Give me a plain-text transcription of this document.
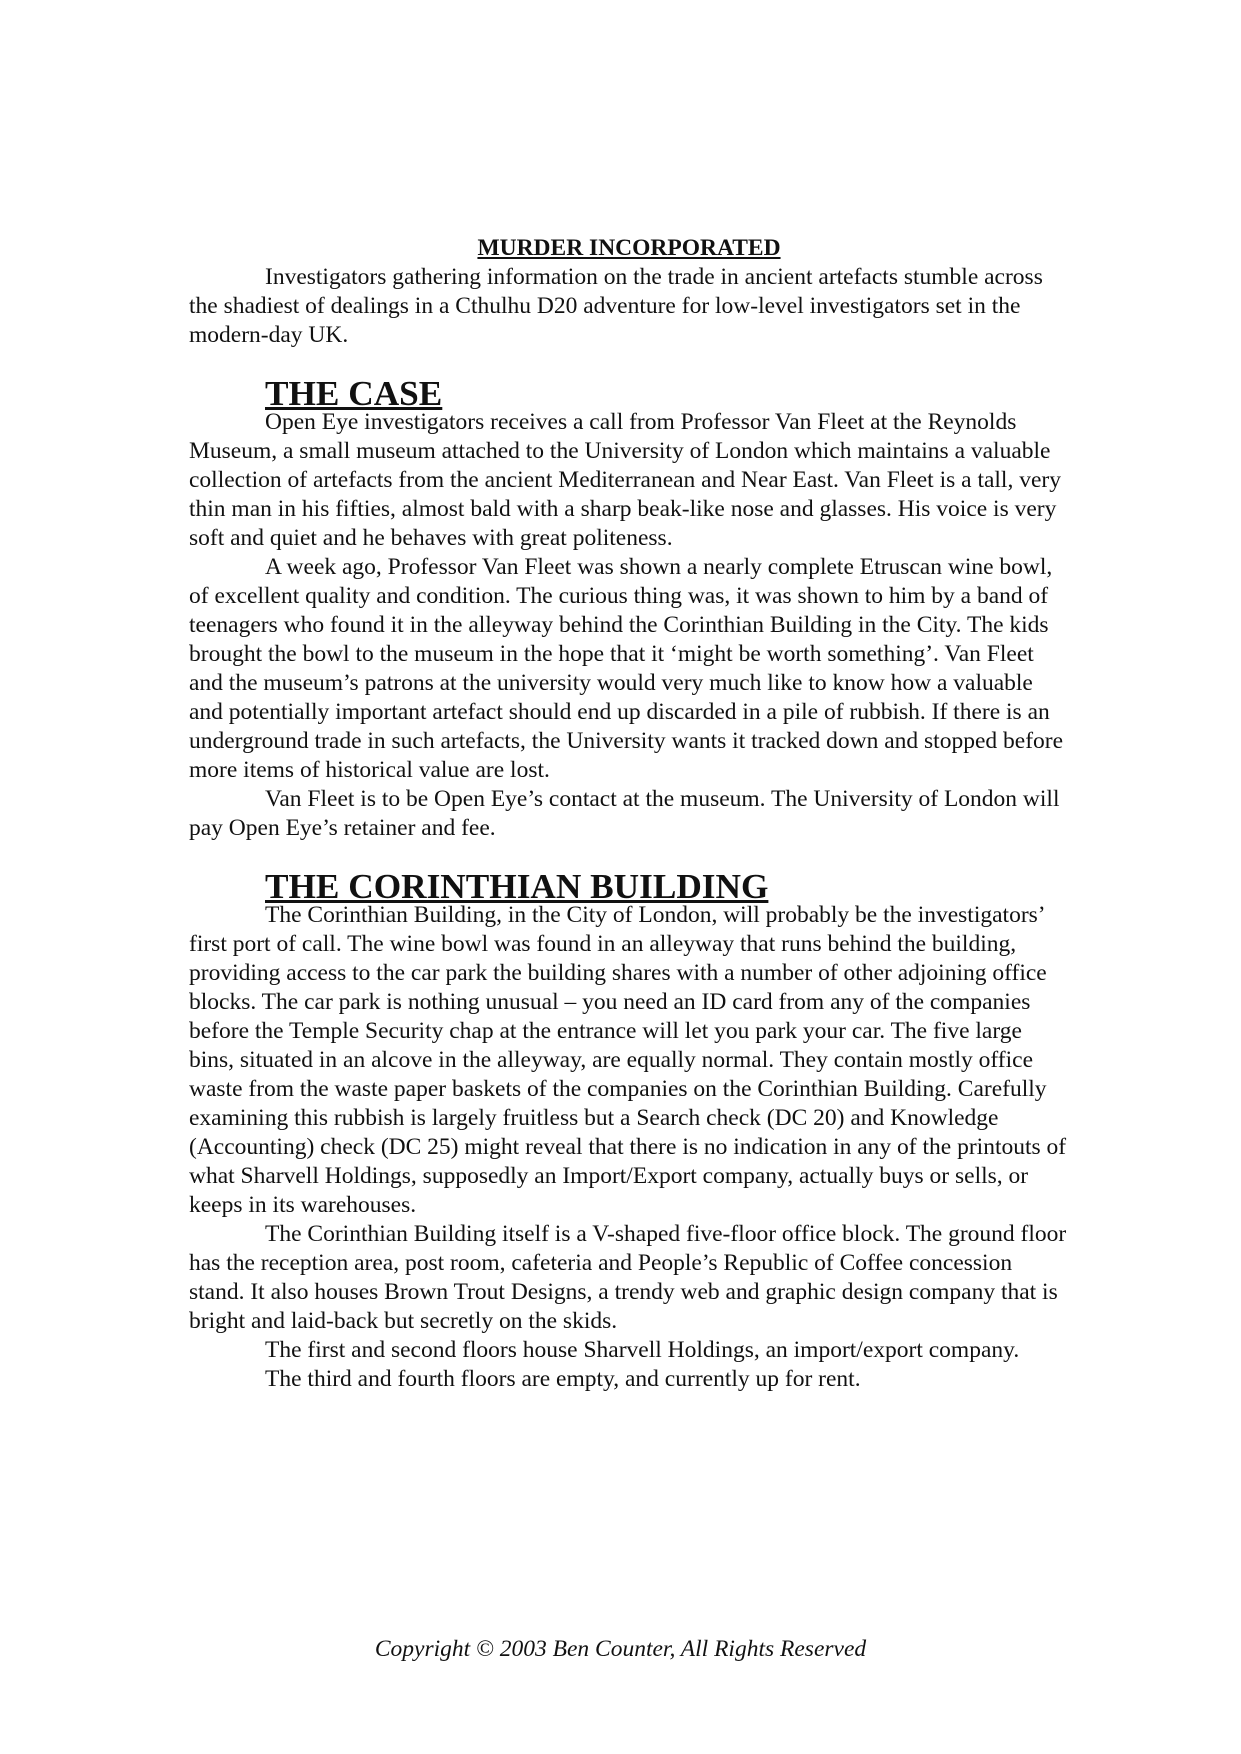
MURDER INCORPORATED

Investigators gathering information on the trade in ancient artefacts stumble across the shadiest of dealings in a Cthulhu D20 adventure for low-level investigators set in the modern-day UK.

THE CASE

Open Eye investigators receives a call from Professor Van Fleet at the Reynolds Museum, a small museum attached to the University of London which maintains a valuable collection of artefacts from the ancient Mediterranean and Near East. Van Fleet is a tall, very thin man in his fifties, almost bald with a sharp beak-like nose and glasses. His voice is very soft and quiet and he behaves with great politeness.

A week ago, Professor Van Fleet was shown a nearly complete Etruscan wine bowl, of excellent quality and condition. The curious thing was, it was shown to him by a band of teenagers who found it in the alleyway behind the Corinthian Building in the City. The kids brought the bowl to the museum in the hope that it ‘might be worth something’. Van Fleet and the museum’s patrons at the university would very much like to know how a valuable and potentially important artefact should end up discarded in a pile of rubbish. If there is an underground trade in such artefacts, the University wants it tracked down and stopped before more items of historical value are lost.

Van Fleet is to be Open Eye’s contact at the museum. The University of London will pay Open Eye’s retainer and fee.

THE CORINTHIAN BUILDING

The Corinthian Building, in the City of London, will probably be the investigators’ first port of call. The wine bowl was found in an alleyway that runs behind the building, providing access to the car park the building shares with a number of other adjoining office blocks. The car park is nothing unusual – you need an ID card from any of the companies before the Temple Security chap at the entrance will let you park your car. The five large bins, situated in an alcove in the alleyway, are equally normal. They contain mostly office waste from the waste paper baskets of the companies on the Corinthian Building. Carefully examining this rubbish is largely fruitless but a Search check (DC 20) and Knowledge (Accounting) check (DC 25) might reveal that there is no indication in any of the printouts of what Sharvell Holdings, supposedly an Import/Export company, actually buys or sells, or keeps in its warehouses.

The Corinthian Building itself is a V-shaped five-floor office block. The ground floor has the reception area, post room, cafeteria and People’s Republic of Coffee concession stand. It also houses Brown Trout Designs, a trendy web and graphic design company that is bright and laid-back but secretly on the skids.

The first and second floors house Sharvell Holdings, an import/export company.

The third and fourth floors are empty, and currently up for rent.

Copyright © 2003 Ben Counter, All Rights Reserved
